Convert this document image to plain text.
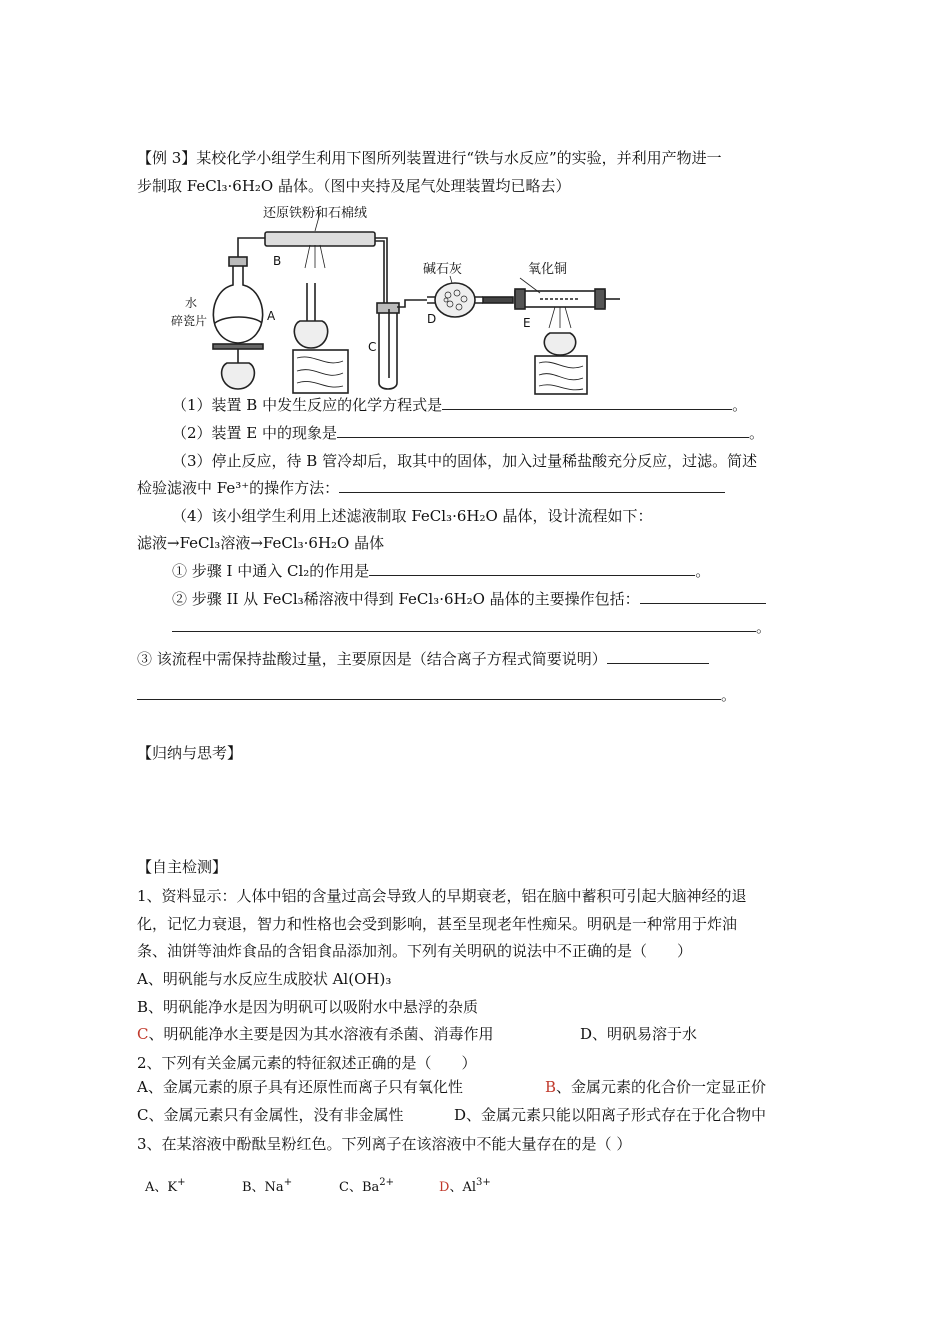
【例 3】某校化学小组学生利用下图所列装置进行“铁与水反应”的实验，并利用产物进一
步制取 FeCl₃·6H₂O 晶体。（图中夹持及尾气处理装置均已略去）
还原铁粉和石棉绒
B
水
碎瓷片	A
C
碱石灰
D
氧化铜
E
（1）装置 B 中发生反应的化学方程式是	。
（2）装置 E 中的现象是	。
（3）停止反应，待 B 管冷却后，取其中的固体，加入过量稀盐酸充分反应，过滤。简述
检验滤液中 Fe³⁺的操作方法：
（4）该小组学生利用上述滤液制取 FeCl₃·6H₂O 晶体，设计流程如下：
滤液→FeCl₃溶液→FeCl₃·6H₂O 晶体
① 步骤 I 中通入 Cl₂的作用是	。
② 步骤 II 从 FeCl₃稀溶液中得到 FeCl₃·6H₂O 晶体的主要操作包括：
。
③ 该流程中需保持盐酸过量，主要原因是（结合离子方程式简要说明）
。
【归纳与思考】
【自主检测】
1、资料显示：人体中铝的含量过高会导致人的早期衰老，铝在脑中蓄积可引起大脑神经的退
化，记忆力衰退，智力和性格也会受到影响，甚至呈现老年性痴呆。明矾是一种常用于炸油
条、油饼等油炸食品的含铝食品添加剂。下列有关明矾的说法中不正确的是（　　）
A、明矾能与水反应生成胶状 Al(OH)₃
B、明矾能净水是因为明矾可以吸附水中悬浮的杂质
C、明矾能净水主要是因为其水溶液有杀菌、消毒作用	D、明矾易溶于水
2、下列有关金属元素的特征叙述正确的是（　　）
A、金属元素的原子具有还原性而离子只有氧化性	B、金属元素的化合价一定显正价
C、金属元素只有金属性，没有非金属性	D、金属元素只能以阳离子形式存在于化合物中
3、在某溶液中酚酞呈粉红色。下列离子在该溶液中不能大量存在的是（ ）
A、K+	B、Na+	C、$Ba^{2+}$	D、$Al^{3+}$
